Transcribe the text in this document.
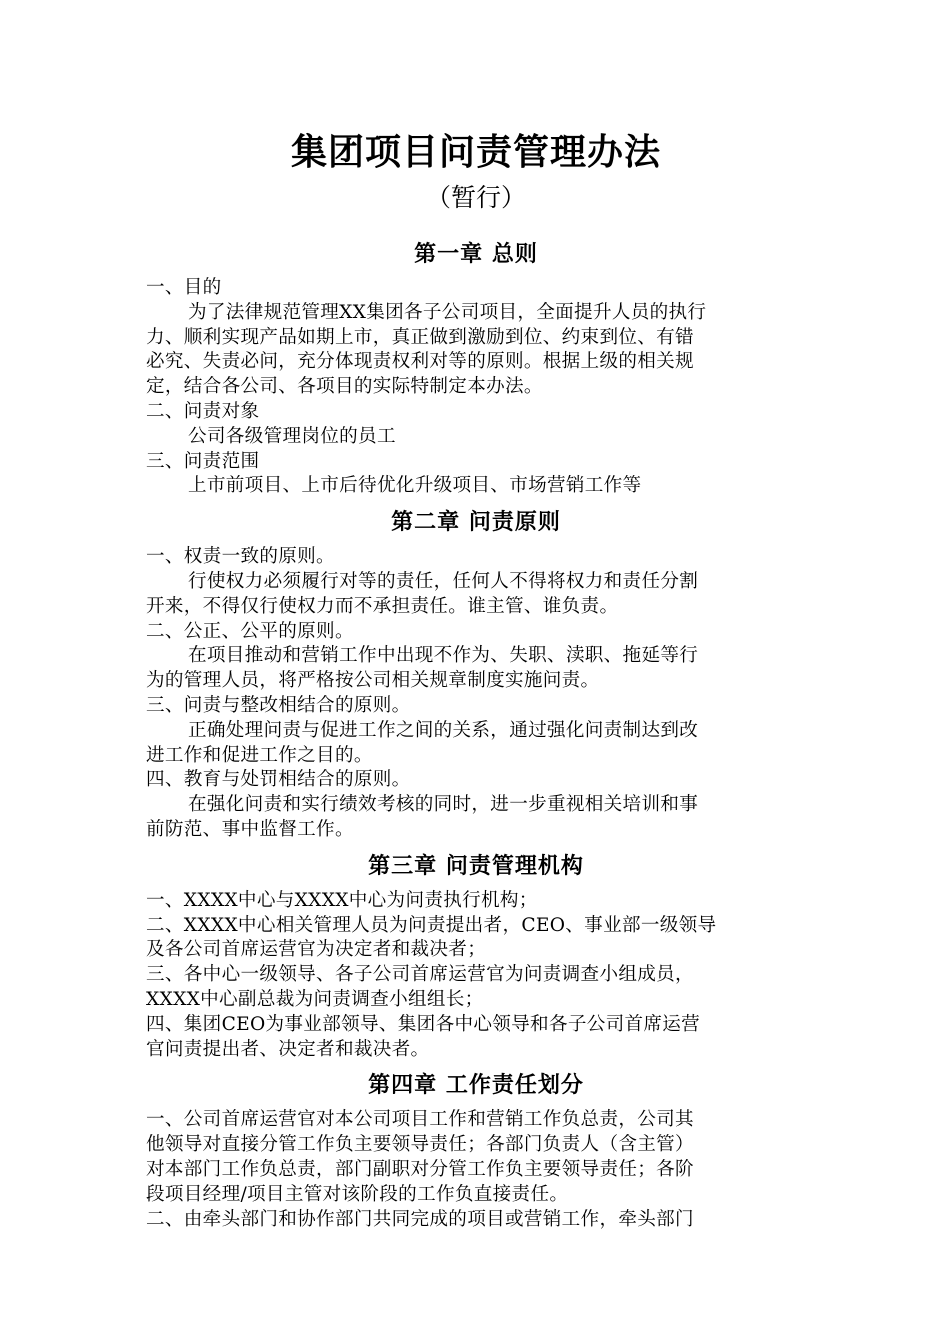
集团项目问责管理办法
（暂行）
第一章 总则
一、目的
为了法律规范管理XX集团各子公司项目，全面提升人员的执行
力、顺利实现产品如期上市，真正做到激励到位、约束到位、有错
必究、失责必问，充分体现责权利对等的原则。根据上级的相关规
定，结合各公司、各项目的实际特制定本办法。
二、问责对象
公司各级管理岗位的员工
三、问责范围
上市前项目、上市后待优化升级项目、市场营销工作等
第二章 问责原则
一、权责一致的原则。
行使权力必须履行对等的责任，任何人不得将权力和责任分割
开来，不得仅行使权力而不承担责任。谁主管、谁负责。
二、公正、公平的原则。
在项目推动和营销工作中出现不作为、失职、渎职、拖延等行
为的管理人员，将严格按公司相关规章制度实施问责。
三、问责与整改相结合的原则。
正确处理问责与促进工作之间的关系，通过强化问责制达到改
进工作和促进工作之目的。
四、教育与处罚相结合的原则。
在强化问责和实行绩效考核的同时，进一步重视相关培训和事
前防范、事中监督工作。
第三章 问责管理机构
一、XXXX中心与XXXX中心为问责执行机构；
二、XXXX中心相关管理人员为问责提出者，CEO、事业部一级领导
及各公司首席运营官为决定者和裁决者；
三、各中心一级领导、各子公司首席运营官为问责调查小组成员，
XXXX中心副总裁为问责调查小组组长；
四、集团CEO为事业部领导、集团各中心领导和各子公司首席运营
官问责提出者、决定者和裁决者。
第四章 工作责任划分
一、公司首席运营官对本公司项目工作和营销工作负总责，公司其
他领导对直接分管工作负主要领导责任；各部门负责人（含主管）
对本部门工作负总责，部门副职对分管工作负主要领导责任；各阶
段项目经理/项目主管对该阶段的工作负直接责任。
二、由牵头部门和协作部门共同完成的项目或营销工作，牵头部门
